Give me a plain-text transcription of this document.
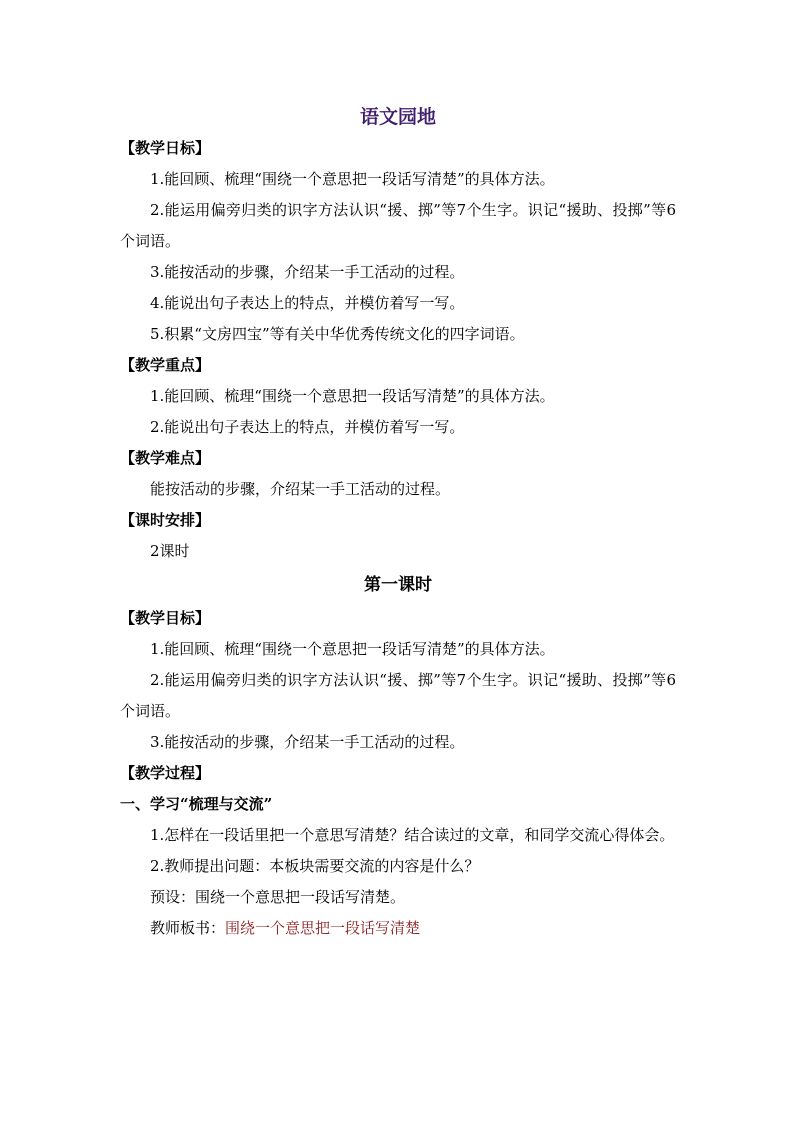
语文园地

【教学日标】

1.能回顾、梳理“围绕一个意思把一段话写清楚”的具体方法。

2.能运用偏旁归类的识字方法认识“援、掷”等7个生字。识记“援助、投掷”等6个词语。

3.能按活动的步骤，介绍某一手工活动的过程。

4.能说出句子表达上的特点，并模仿着写一写。

5.积累“文房四宝”等有关中华优秀传统文化的四字词语。

【教学重点】

1.能回顾、梳理“围绕一个意思把一段话写清楚”的具体方法。

2.能说出句子表达上的特点，并模仿着写一写。

【教学难点】

能按活动的步骤，介绍某一手工活动的过程。

【课时安排】

2课时

第一课时

【教学目标】

1.能回顾、梳理“围绕一个意思把一段话写清楚”的具体方法。

2.能运用偏旁归类的识字方法认识“援、掷”等7个生字。识记“援助、投掷”等6个词语。

3.能按活动的步骤，介绍某一手工活动的过程。

【教学过程】

一、学习“梳理与交流”

1.怎样在一段话里把一个意思写清楚？结合读过的文章，和同学交流心得体会。

2.教师提出问题：本板块需要交流的内容是什么？

预设：围绕一个意思把一段话写清楚。

教师板书：围绕一个意思把一段话写清楚
